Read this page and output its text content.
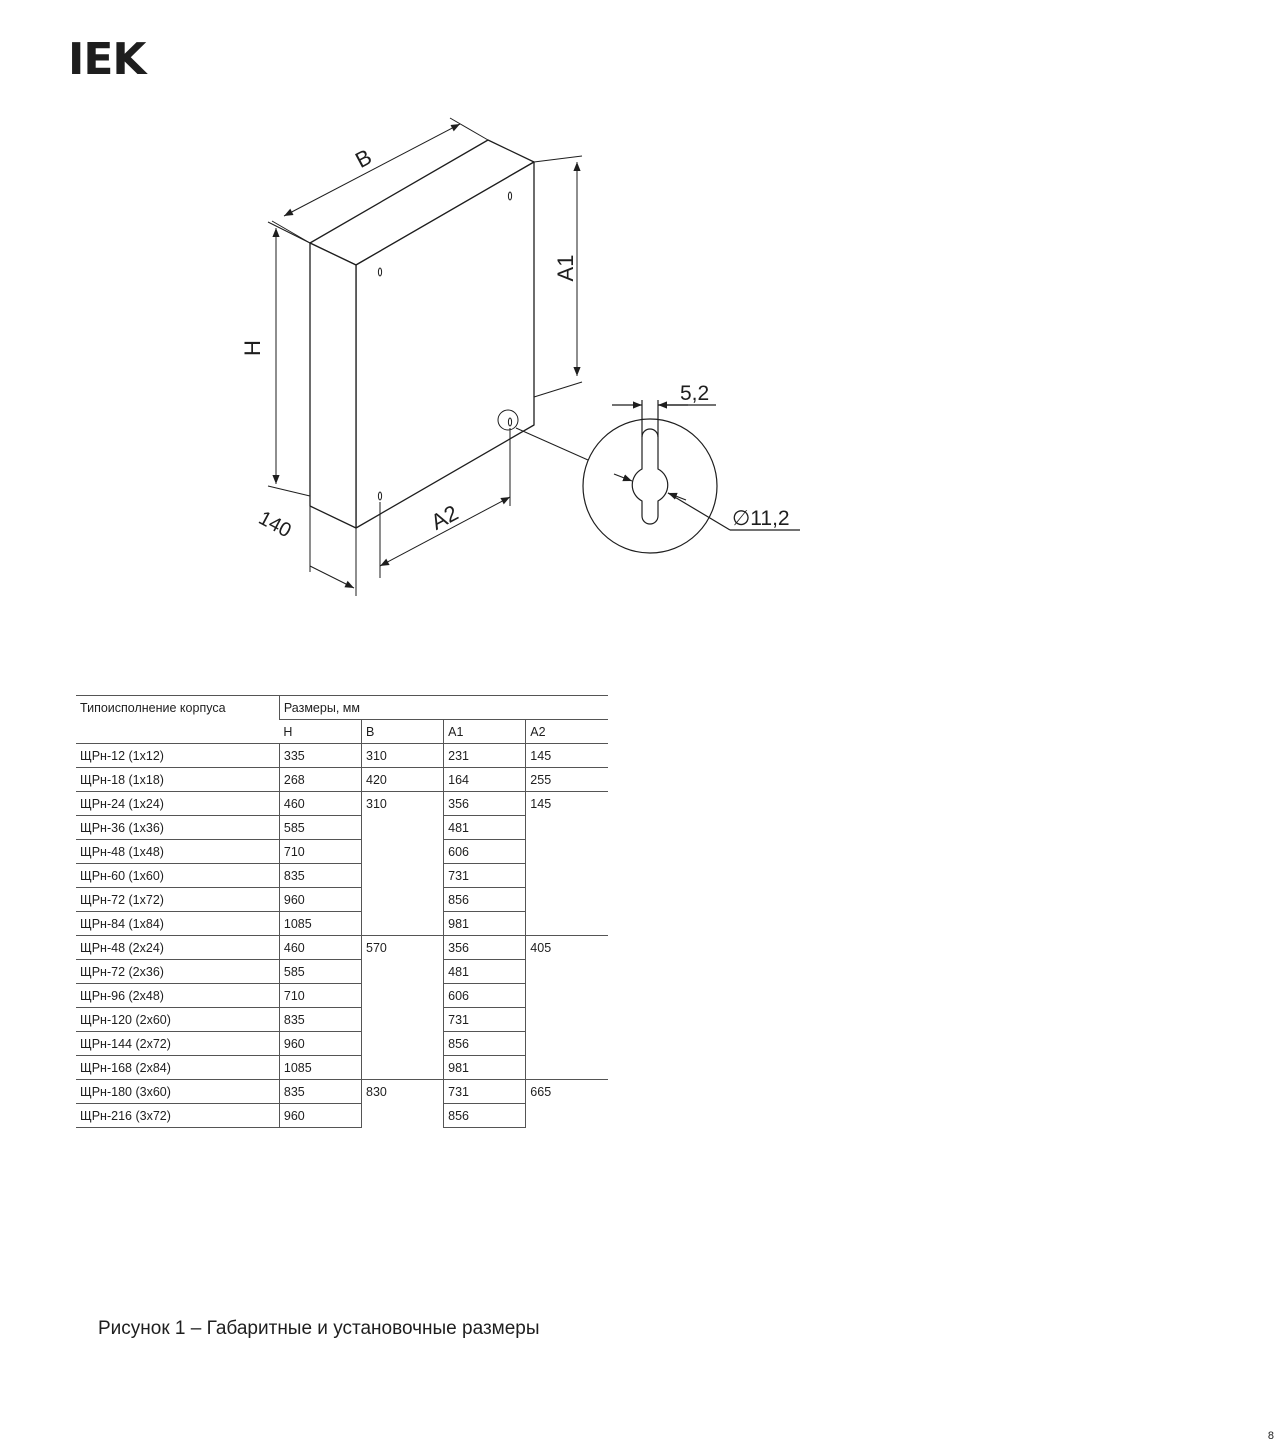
IEK
B
H
A1
140	A2
5,2
∅11,2
Типоисполнение корпуса	Размеры, мм			
	H	B	A1	A2
ЩРн-12 (1х12)	335	310	231	145
ЩРн-18 (1х18)	268	420	164	255
ЩРн-24 (1х24)	460	310	356	145
ЩРн-36 (1х36)	585		481	
ЩРн-48 (1х48)	710		606	
ЩРн-60 (1х60)	835		731	
ЩРн-72 (1х72)	960		856	
ЩРн-84 (1х84)	1085		981	
ЩРн-48 (2х24)	460	570	356	405
ЩРн-72 (2х36)	585		481	
ЩРн-96 (2х48)	710		606	
ЩРн-120 (2х60)	835		731	
ЩРн-144 (2х72)	960		856	
ЩРн-168 (2х84)	1085		981	
ЩРн-180 (3х60)	835	830	731	665
ЩРн-216 (3х72)	960		856	
Рисунок 1 – Габаритные и установочные размеры
8
